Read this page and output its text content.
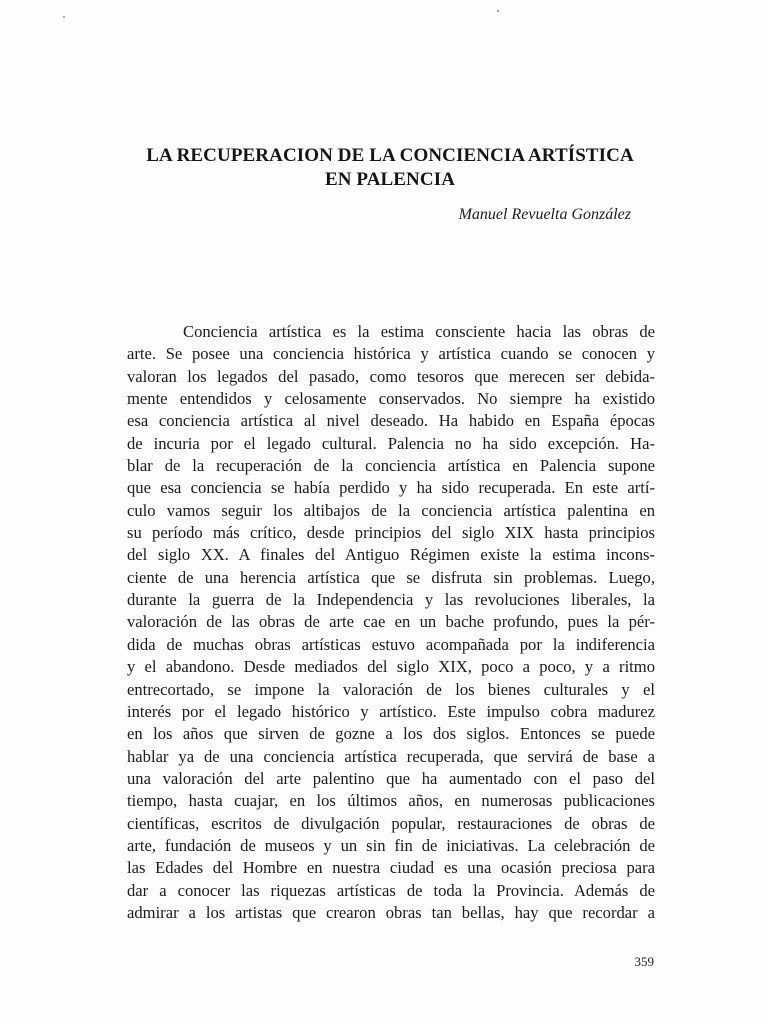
LA RECUPERACION DE LA CONCIENCIA ARTÍSTICA
EN PALENCIA
Manuel Revuelta González
Conciencia artística es la estima consciente hacia las obras de
arte. Se posee una conciencia histórica y artística cuando se conocen y
valoran los legados del pasado, como tesoros que merecen ser debida-
mente entendidos y celosamente conservados. No siempre ha existido
esa conciencia artística al nivel deseado. Ha habido en España épocas
de incuria por el legado cultural. Palencia no ha sido excepción. Ha-
blar de la recuperación de la conciencia artística en Palencia supone
que esa conciencia se había perdido y ha sido recuperada. En este artí-
culo vamos seguir los altibajos de la conciencia artística palentina en
su período más crítico, desde principios del siglo XIX hasta principios
del siglo XX. A finales del Antiguo Régimen existe la estima incons-
ciente de una herencia artística que se disfruta sin problemas. Luego,
durante la guerra de la Independencia y las revoluciones liberales, la
valoración de las obras de arte cae en un bache profundo, pues la pér-
dida de muchas obras artísticas estuvo acompañada por la indiferencia
y el abandono. Desde mediados del siglo XIX, poco a poco, y a ritmo
entrecortado, se impone la valoración de los bienes culturales y el
interés por el legado histórico y artístico. Este impulso cobra madurez
en los años que sirven de gozne a los dos siglos. Entonces se puede
hablar ya de una conciencia artística recuperada, que servirá de base a
una valoración del arte palentino que ha aumentado con el paso del
tiempo, hasta cuajar, en los últimos años, en numerosas publicaciones
científicas, escritos de divulgación popular, restauraciones de obras de
arte, fundación de museos y un sin fin de iniciativas. La celebración de
las Edades del Hombre en nuestra ciudad es una ocasión preciosa para
dar a conocer las riquezas artísticas de toda la Provincia. Además de
admirar a los artistas que crearon obras tan bellas, hay que recordar a
359
